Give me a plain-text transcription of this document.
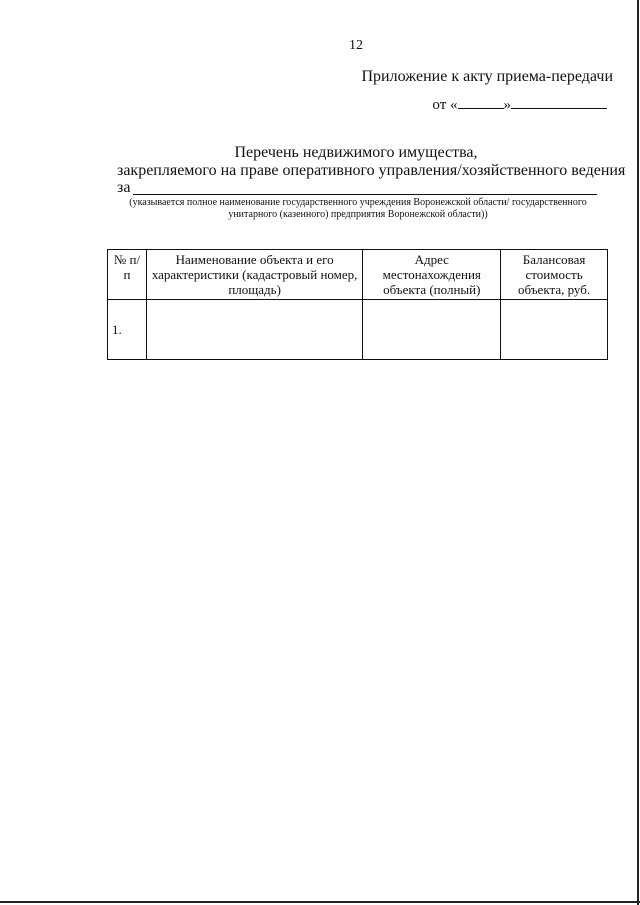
12
Приложение к акту приема-передачи
от «	»
Перечень недвижимого имущества,
закрепляемого на праве оперативного управления/хозяйственного ведения
за
(указывается полное наименование государственного учреждения Воронежской области/ государственного унитарного (казенного) предприятия Воронежской области))
№ п/п	Наименование объекта и его характеристики (кадастровый номер, площадь)	Адрес местонахождения объекта (полный)	Балансовая стоимость объекта, руб.
1.			
